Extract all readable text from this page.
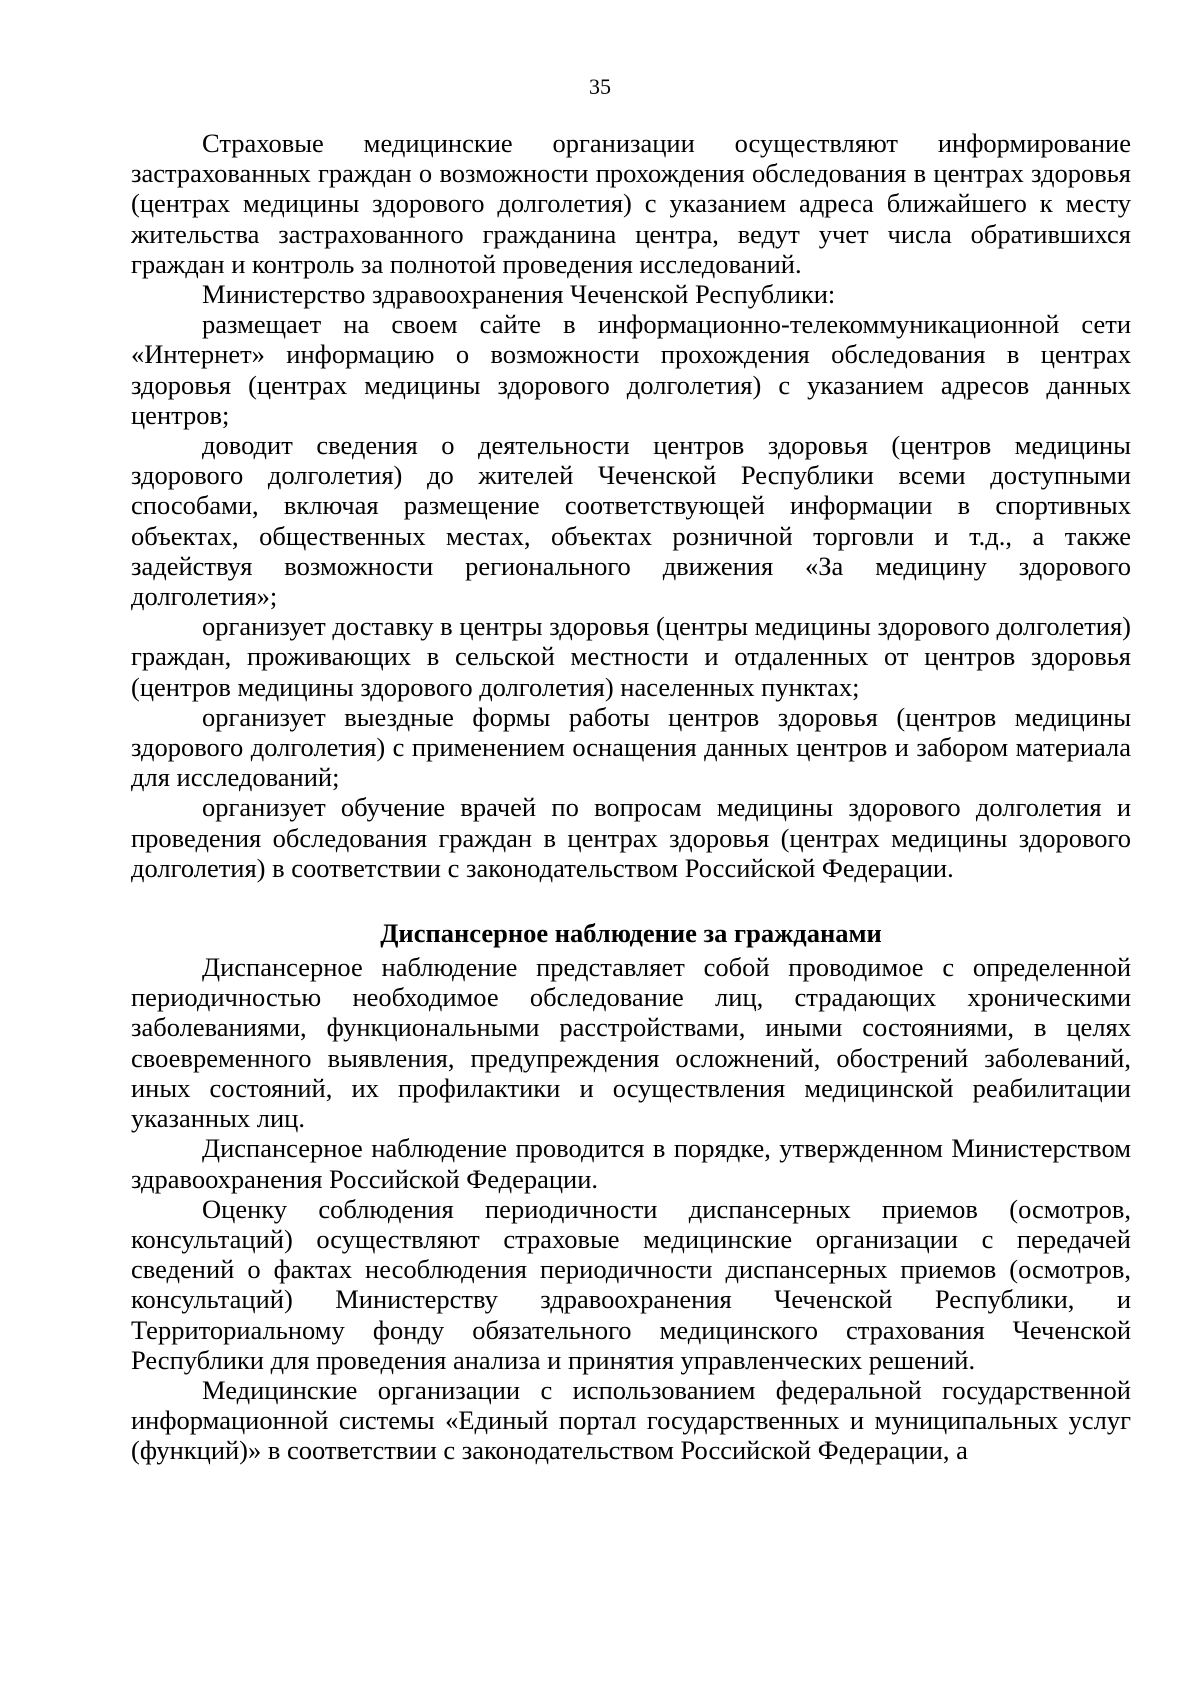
35

Страховые медицинские организации осуществляют информирование застрахованных граждан о возможности прохождения обследования в центрах здоровья (центрах медицины здорового долголетия) с указанием адреса ближайшего к месту жительства застрахованного гражданина центра, ведут учет числа обратившихся граждан и контроль за полнотой проведения исследований.

Министерство здравоохранения Чеченской Республики:

размещает на своем сайте в информационно-телекоммуникационной сети «Интернет» информацию о возможности прохождения обследования в центрах здоровья (центрах медицины здорового долголетия) с указанием адресов данных центров;

доводит сведения о деятельности центров здоровья (центров медицины здорового долголетия) до жителей Чеченской Республики всеми доступными способами, включая размещение соответствующей информации в спортивных объектах, общественных местах, объектах розничной торговли и т.д., а также задействуя возможности регионального движения «За медицину здорового долголетия»;

организует доставку в центры здоровья (центры медицины здорового долголетия) граждан, проживающих в сельской местности и отдаленных от центров здоровья (центров медицины здорового долголетия) населенных пунктах;

организует выездные формы работы центров здоровья (центров медицины здорового долголетия) с применением оснащения данных центров и забором материала для исследований;

организует обучение врачей по вопросам медицины здорового долголетия и проведения обследования граждан в центрах здоровья (центрах медицины здорового долголетия) в соответствии с законодательством Российской Федерации.

Диспансерное наблюдение за гражданами

Диспансерное наблюдение представляет собой проводимое с определенной периодичностью необходимое обследование лиц, страдающих хроническими заболеваниями, функциональными расстройствами, иными состояниями, в целях своевременного выявления, предупреждения осложнений, обострений заболеваний, иных состояний, их профилактики и осуществления медицинской реабилитации указанных лиц.

Диспансерное наблюдение проводится в порядке, утвержденном Министерством здравоохранения Российской Федерации.

Оценку соблюдения периодичности диспансерных приемов (осмотров, консультаций) осуществляют страховые медицинские организации с передачей сведений о фактах несоблюдения периодичности диспансерных приемов (осмотров, консультаций) Министерству здравоохранения Чеченской Республики, и Территориальному фонду обязательного медицинского страхования Чеченской Республики для проведения анализа и принятия управленческих решений.

Медицинские организации с использованием федеральной государственной информационной системы «Единый портал государственных и муниципальных услуг (функций)» в соответствии с законодательством Российской Федерации, а
